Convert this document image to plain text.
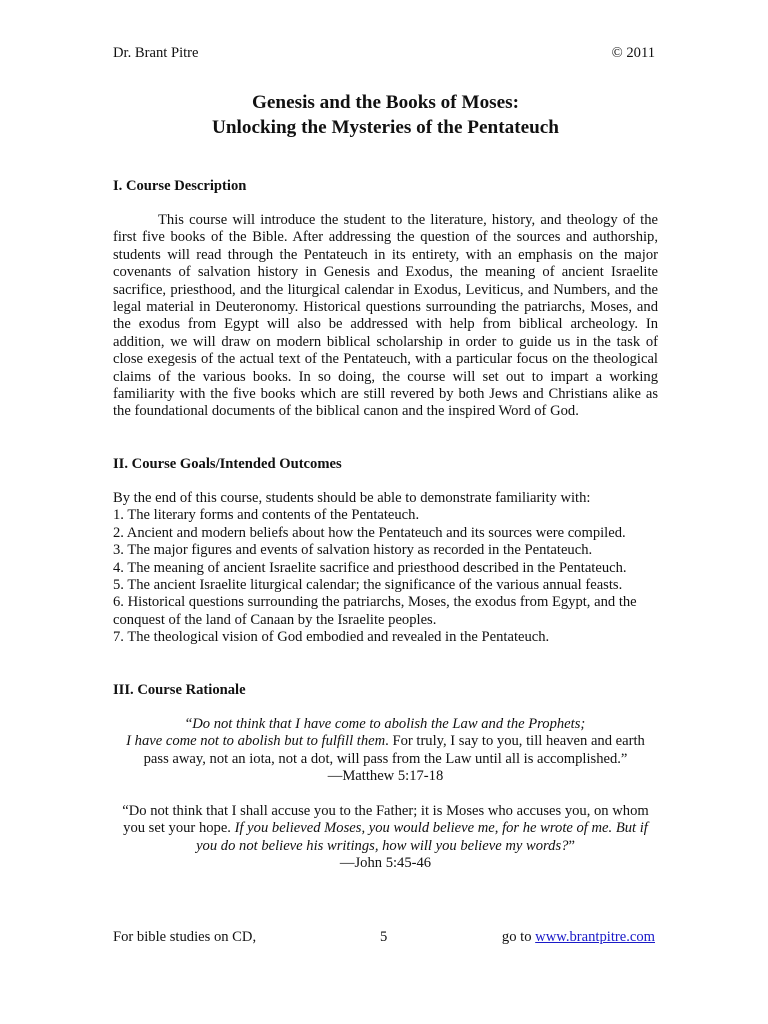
Dr. Brant Pitre	© 2011
Genesis and the Books of Moses:
Unlocking the Mysteries of the Pentateuch
I. Course Description

This course will introduce the student to the literature, history, and theology of the first five books of the Bible. After addressing the question of the sources and authorship, students will read through the Pentateuch in its entirety, with an emphasis on the major covenants of salvation history in Genesis and Exodus, the meaning of ancient Israelite sacrifice, priesthood, and the liturgical calendar in Exodus, Leviticus, and Numbers, and the legal material in Deuteronomy. Historical questions surrounding the patriarchs, Moses, and the exodus from Egypt will also be addressed with help from biblical archeology. In addition, we will draw on modern biblical scholarship in order to guide us in the task of close exegesis of the actual text of the Pentateuch, with a particular focus on the theological claims of the various books. In so doing, the course will set out to impart a working familiarity with the five books which are still revered by both Jews and Christians alike as the foundational documents of the biblical canon and the inspired Word of God.

II. Course Goals/Intended Outcomes
By the end of this course, students should be able to demonstrate familiarity with:
1. The literary forms and contents of the Pentateuch.
2. Ancient and modern beliefs about how the Pentateuch and its sources were compiled.
3. The major figures and events of salvation history as recorded in the Pentateuch.
4. The meaning of ancient Israelite sacrifice and priesthood described in the Pentateuch.
5. The ancient Israelite liturgical calendar; the significance of the various annual feasts.
6. Historical questions surrounding the patriarchs, Moses, the exodus from Egypt, and the conquest of the land of Canaan by the Israelite peoples.
7. The theological vision of God embodied and revealed in the Pentateuch.
III. Course Rationale

“Do not think that I have come to abolish the Law and the Prophets;
I have come not to abolish but to fulfill them. For truly, I say to you, till heaven and earth pass away, not an iota, not a dot, will pass from the Law until all is accomplished.”
—Matthew 5:17-18

“Do not think that I shall accuse you to the Father; it is Moses who accuses you, on whom you set your hope. If you believed Moses, you would believe me, for he wrote of me. But if you do not believe his writings, how will you believe my words?”
—John 5:45-46

For bible studies on CD,	5	go to www.brantpitre.com
